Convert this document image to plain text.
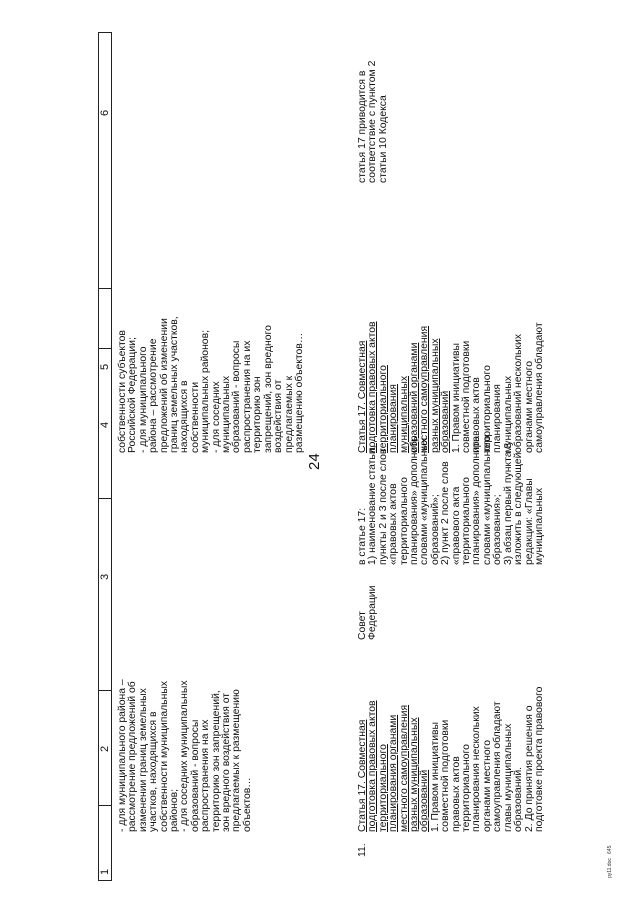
24
6
5
4
3
2
1
- для муниципального района –
рассмотрение предложений об
изменении границ земельных
участков, находящихся в
собственности муниципальных
районов;
- для соседних муниципальных
образований - вопросы
распространения на их
территорию зон запрещений,
зон вредного воздействия от
предлагаемых к размещению
объектов…
собственности субъектов
Российской Федерации;
- для муниципального
района – рассмотрение
предложений об изменении
границ земельных участков,
находящихся в
собственности
муниципальных районов;
- для соседних
муниципальных
образований - вопросы
распространения на их
территорию зон
запрещений, зон вредного
воздействия от
предлагаемых к
размещению объектов…
11.
Статья 17. Совместная
подготовка правовых актов
территориального
планирования органами
местного самоуправления
разных муниципальных
образований
1. Правом инициативы
совместной подготовки
правовых актов
территориального
планирования нескольких
органами местного
самоуправления обладают
главы муниципальных
образований.
2. До принятия решения о
подготовке проекта правового
Совет
Федерации
в статье 17:
1) наименование статьи,
пункты 2 и 3 после слов
«правовых актов
территориального
планирования» дополнить
словами «муниципальных
образований»;
2) пункт 2 после слов
«правового акта
территориального
планирования» дополнить
словами «муниципального
образования»;
3) абзац первый пункта 3
изложить в следующей
редакции: «Главы
муниципальных
Статья 17. Совместная
подготовка правовых актов
территориального
планирования
муниципальных
образований органами
местного самоуправления
разных муниципальных
образований
1. Правом инициативы
совместной подготовки
правовых актов
территориального
планирования
муниципальных
образований нескольких
органами местного
самоуправления обладают
статья 17 приводится в
соответствие с пунктом 2
статьи 10 Кодекса
ру11.doc   645
